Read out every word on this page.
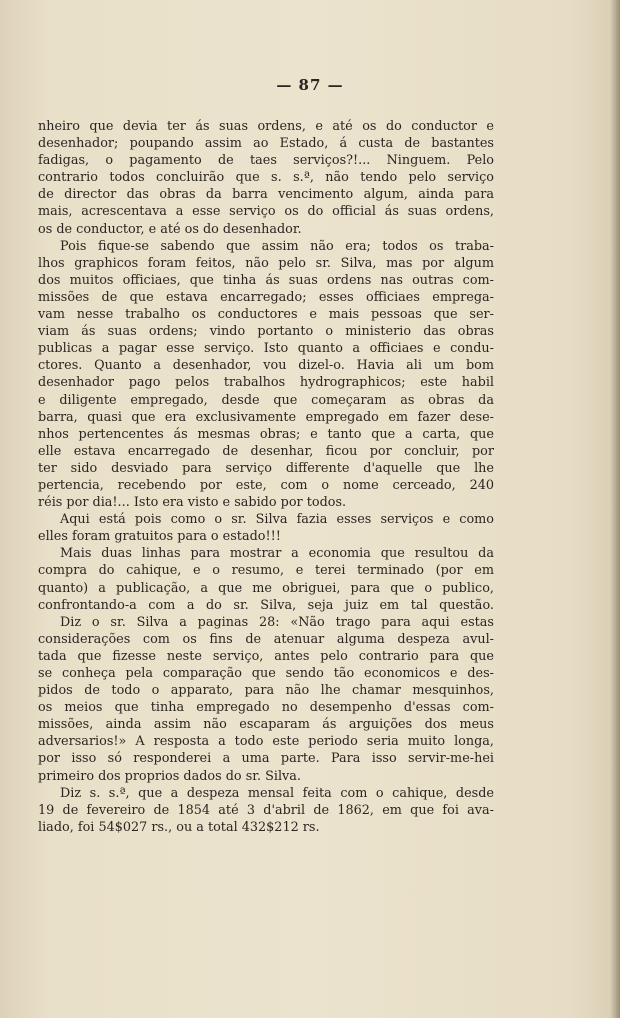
— 87 —
nheiro que devia ter ás suas ordens, e até os do conductor e
desenhador; poupando assim ao Estado, á custa de bastantes
fadigas, o pagamento de taes serviços?!... Ninguem. Pelo
contrario todos concluirão que s. s.ª, não tendo pelo serviço
de director das obras da barra vencimento algum, ainda para
mais, acrescentava a esse serviço os do official ás suas ordens,
os de conductor, e até os do desenhador.
Pois fique-se sabendo que assim não era; todos os traba-
lhos graphicos foram feitos, não pelo sr. Silva, mas por algum
dos muitos officiaes, que tinha ás suas ordens nas outras com-
missões de que estava encarregado; esses officiaes emprega-
vam nesse trabalho os conductores e mais pessoas que ser-
viam ás suas ordens; vindo portanto o ministerio das obras
publicas a pagar esse serviço. Isto quanto a officiaes e condu-
ctores. Quanto a desenhador, vou dizel-o. Havia ali um bom
desenhador pago pelos trabalhos hydrographicos; este habil
e diligente empregado, desde que começaram as obras da
barra, quasi que era exclusivamente empregado em fazer dese-
nhos pertencentes ás mesmas obras; e tanto que a carta, que
elle estava encarregado de desenhar, ficou por concluir, por
ter sido desviado para serviço differente d'aquelle que lhe
pertencia, recebendo por este, com o nome cerceado, 240
réis por dia!... Isto era visto e sabido por todos.
Aqui está pois como o sr. Silva fazia esses serviços e como
elles foram gratuitos para o estado!!!
Mais duas linhas para mostrar a economia que resultou da
compra do cahique, e o resumo, e terei terminado (por em
quanto) a publicação, a que me obriguei, para que o publico,
confrontando-a com a do sr. Silva, seja juiz em tal questão.
Diz o sr. Silva a paginas 28: «Não trago para aqui estas
considerações com os fins de atenuar alguma despeza avul-
tada que fizesse neste serviço, antes pelo contrario para que
se conheça pela comparação que sendo tão economicos e des-
pidos de todo o apparato, para não lhe chamar mesquinhos,
os meios que tinha empregado no desempenho d'essas com-
missões, ainda assim não escaparam ás arguições dos meus
adversarios!» A resposta a todo este periodo seria muito longa,
por isso só responderei a uma parte. Para isso servir-me-hei
primeiro dos proprios dados do sr. Silva.
Diz s. s.ª, que a despeza mensal feita com o cahique, desde
19 de fevereiro de 1854 até 3 d'abril de 1862, em que foi ava-
liado, foi 54$027 rs., ou a total 432$212 rs.
